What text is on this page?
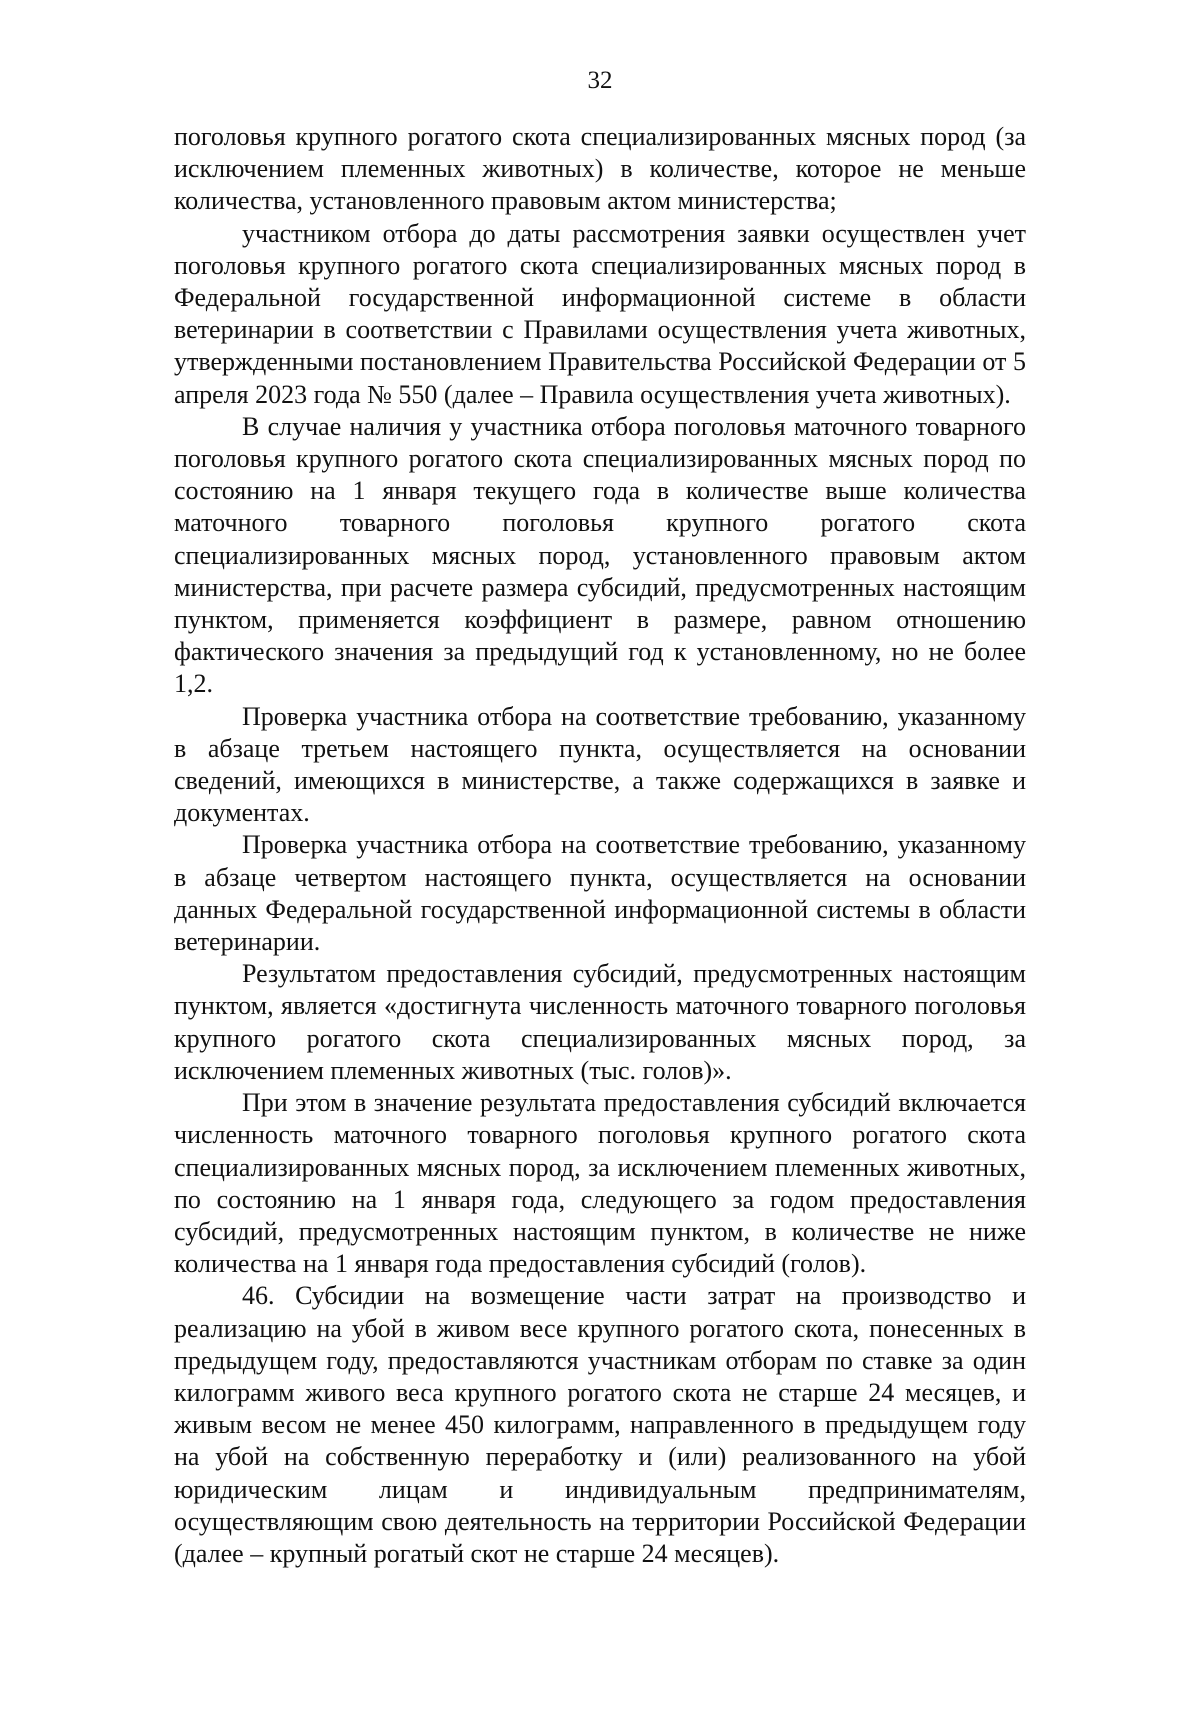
32

поголовья крупного рогатого скота специализированных мясных пород (за исключением племенных животных) в количестве, которое не меньше количества, установленного правовым актом министерства;

участником отбора до даты рассмотрения заявки осуществлен учет поголовья крупного рогатого скота специализированных мясных пород в Федеральной государственной информационной системе в области ветеринарии в соответствии с Правилами осуществления учета животных, утвержденными постановлением Правительства Российской Федерации от 5 апреля 2023 года № 550 (далее – Правила осуществления учета животных).

В случае наличия у участника отбора поголовья маточного товарного поголовья крупного рогатого скота специализированных мясных пород по состоянию на 1 января текущего года в количестве выше количества маточного товарного поголовья крупного рогатого скота специализированных мясных пород, установленного правовым актом министерства, при расчете размера субсидий, предусмотренных настоящим пунктом, применяется коэффициент в размере, равном отношению фактического значения за предыдущий год к установленному, но не более 1,2.

Проверка участника отбора на соответствие требованию, указанному в абзаце третьем настоящего пункта, осуществляется на основании сведений, имеющихся в министерстве, а также содержащихся в заявке и документах.

Проверка участника отбора на соответствие требованию, указанному в абзаце четвертом настоящего пункта, осуществляется на основании данных Федеральной государственной информационной системы в области ветеринарии.

Результатом предоставления субсидий, предусмотренных настоящим пунктом, является «достигнута численность маточного товарного поголовья крупного рогатого скота специализированных мясных пород, за исключением племенных животных (тыс. голов)».

При этом в значение результата предоставления субсидий включается численность маточного товарного поголовья крупного рогатого скота специализированных мясных пород, за исключением племенных животных, по состоянию на 1 января года, следующего за годом предоставления субсидий, предусмотренных настоящим пунктом, в количестве не ниже количества на 1 января года предоставления субсидий (голов).

46. Субсидии на возмещение части затрат на производство и реализацию на убой в живом весе крупного рогатого скота, понесенных в предыдущем году, предоставляются участникам отборам по ставке за один килограмм живого веса крупного рогатого скота не старше 24 месяцев, и живым весом не менее 450 килограмм, направленного в предыдущем году на убой на собственную переработку и (или) реализованного на убой юридическим лицам и индивидуальным предпринимателям, осуществляющим свою деятельность на территории Российской Федерации (далее – крупный рогатый скот не старше 24 месяцев).
